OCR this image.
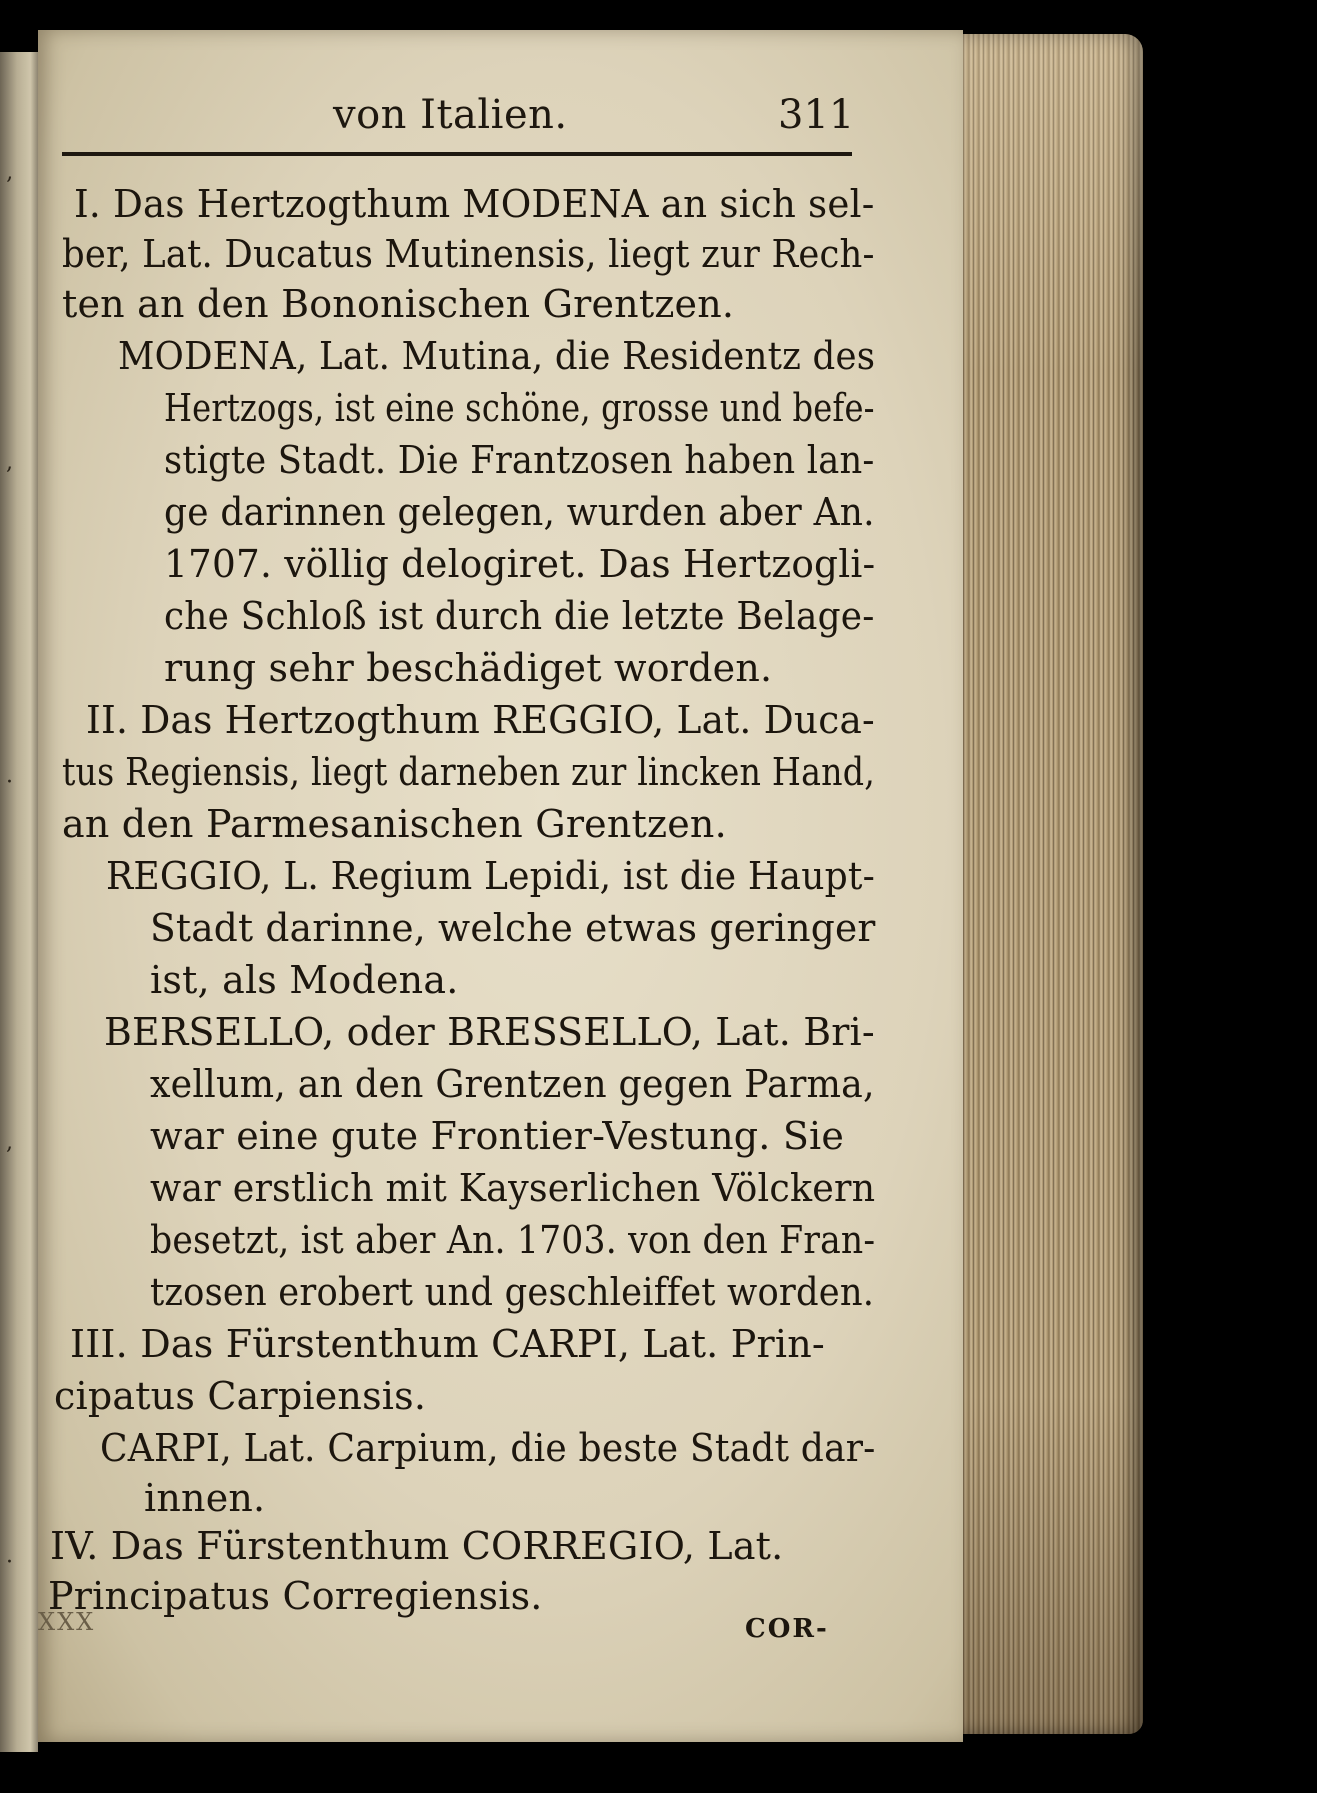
‚
,
·
,
·
von Italien.	311
I. Das Hertzogthum MODENA an sich sel-
ber, Lat. Ducatus Mutinensis, liegt zur Rech-
ten an den Bononischen Grentzen.
MODENA, Lat. Mutina, die Residentz des
Hertzogs, ist eine schöne, grosse und befe-
stigte Stadt. Die Frantzosen haben lan-
ge darinnen gelegen, wurden aber An.
1707. völlig delogiret. Das Hertzogli-
che Schloß ist durch die letzte Belage-
rung sehr beschädiget worden.
II. Das Hertzogthum REGGIO, Lat. Duca-
tus Regiensis, liegt darneben zur lincken Hand,
an den Parmesanischen Grentzen.
REGGIO, L. Regium Lepidi, ist die Haupt-
Stadt darinne, welche etwas geringer
ist, als Modena.
BERSELLO, oder BRESSELLO, Lat. Bri-
xellum, an den Grentzen gegen Parma,
war eine gute Frontier-Vestung. Sie
war erstlich mit Kayserlichen Völckern
besetzt, ist aber An. 1703. von den Fran-
tzosen erobert und geschleiffet worden.
III. Das Fürstenthum CARPI, Lat. Prin-
cipatus Carpiensis.
CARPI, Lat. Carpium, die beste Stadt dar-
innen.
IV. Das Fürstenthum CORREGIO, Lat.
Principatus Corregiensis.
XXX	COR-
